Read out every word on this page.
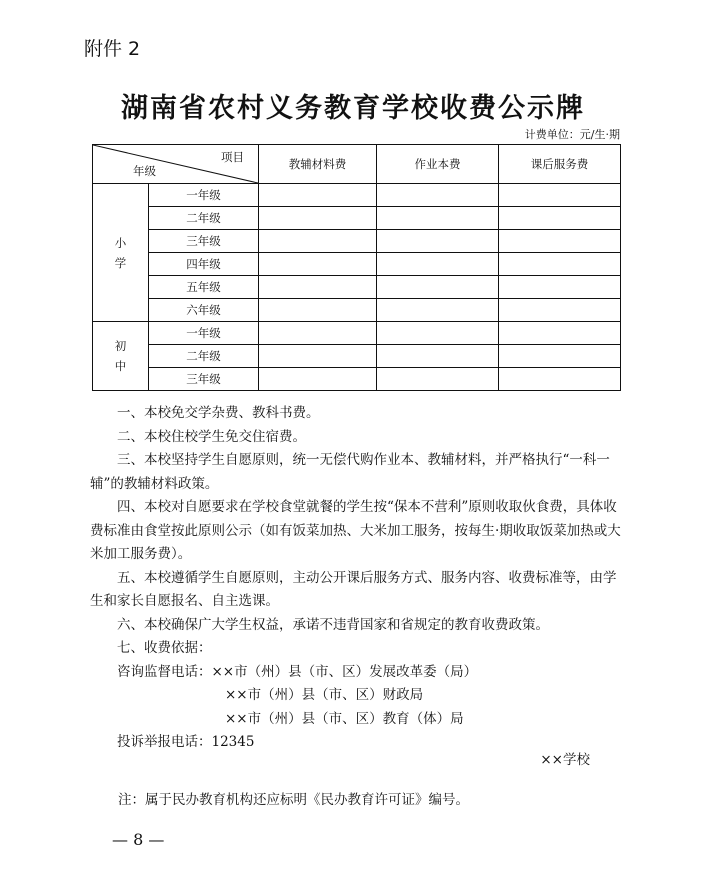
附件 2
湖南省农村义务教育学校收费公示牌
计费单位：元/生·期
项目
年级		教辅材料费	作业本费	课后服务费

小
学	一年级			
	二年级			
	三年级			
	四年级			
	五年级			
	六年级			

初
中	一年级			
	二年级			
	三年级			

一、本校免交学杂费、教科书费。

二、本校住校学生免交住宿费。

三、本校坚持学生自愿原则，统一无偿代购作业本、教辅材料，并严格执行“一科一辅”的教辅材料政策。

四、本校对自愿要求在学校食堂就餐的学生按“保本不营利”原则收取伙食费，具体收费标准由食堂按此原则公示（如有饭菜加热、大米加工服务，按每生·期收取饭菜加热或大米加工服务费）。

五、本校遵循学生自愿原则，主动公开课后服务方式、服务内容、收费标准等，由学生和家长自愿报名、自主选课。

六、本校确保广大学生权益，承诺不违背国家和省规定的教育收费政策。

七、收费依据：

咨询监督电话：××市（州）县（市、区）发展改革委（局）

××市（州）县（市、区）财政局

××市（州）县（市、区）教育（体）局

投诉举报电话：12345

××学校
注：属于民办教育机构还应标明《民办教育许可证》编号。
— 8 —
